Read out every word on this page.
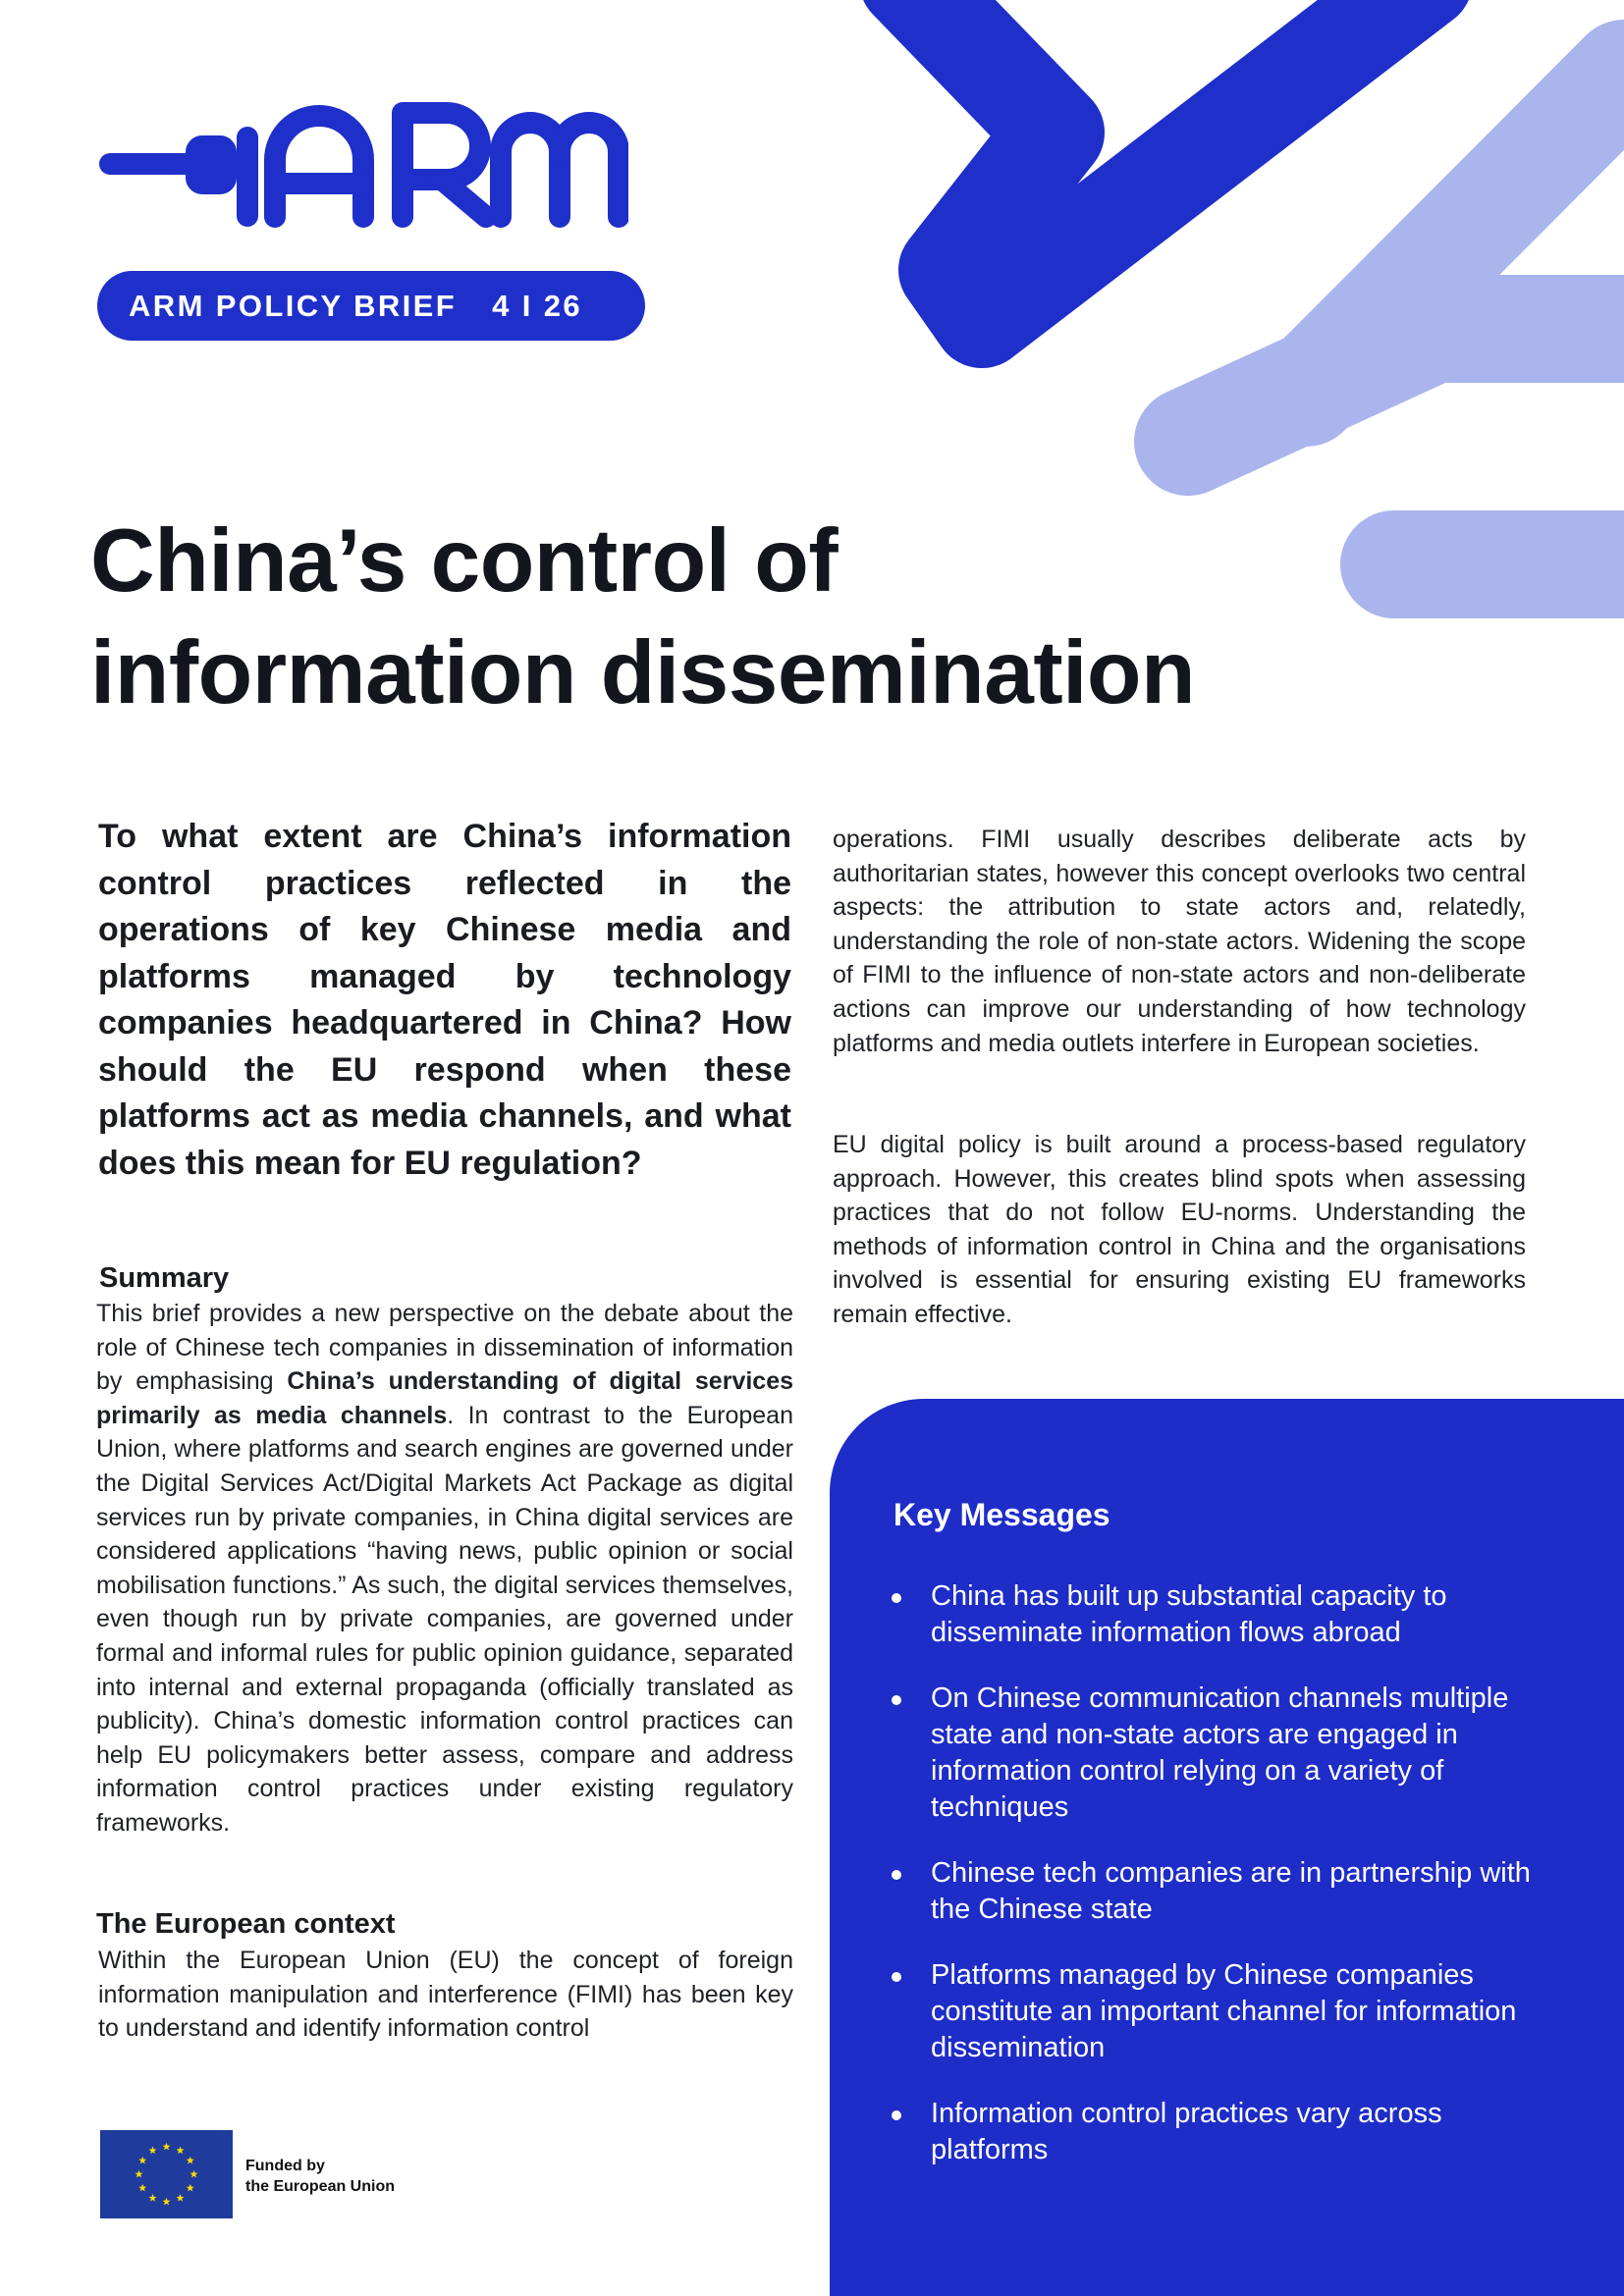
ARM POLICY BRIEF 4 I 26
China’s control of
information dissemination

To what extent are China’s information control practices reflected in the operations of key Chinese media and platforms managed by technology companies headquartered in China? How should the EU respond when these platforms act as media channels, and what does this mean for EU regulation?

Summary

This brief provides a new perspective on the debate about the role of Chinese tech companies in dissemination of information by emphasising China’s understanding of digital services primarily as media channels. In contrast to the European Union, where platforms and search engines are governed under the Digital Services Act/Digital Markets Act Package as digital services run by private companies, in China digital services are considered applications “having news, public opinion or social mobilisation functions.” As such, the digital services themselves, even though run by private companies, are governed under formal and informal rules for public opinion guidance, separated into internal and external propaganda (officially translated as publicity). China’s domestic information control practices can help EU policymakers better assess, compare and address information control practices under existing regulatory frameworks.

The European context

Within the European Union (EU) the concept of foreign information manipulation and interference (FIMI) has been key to understand and identify information control

operations. FIMI usually describes deliberate acts by authoritarian states, however this concept overlooks two central aspects: the attribution to state actors and, relatedly, understanding the role of non-state actors. Widening the scope of FIMI to the influence of non-state actors and non-deliberate actions can improve our understanding of how technology platforms and media outlets interfere in European societies.

EU digital policy is built around a process-based regulatory approach. However, this creates blind spots when assessing practices that do not follow EU-norms. Understanding the methods of information control in China and the organisations involved is essential for ensuring existing EU frameworks remain effective.

Key Messages
China has built up substantial capacity to disseminate information flows abroad
On Chinese communication channels multiple state and non-state actors are engaged in information control relying on a variety of techniques
Chinese tech companies are in partnership with the Chinese state
Platforms managed by Chinese companies constitute an important channel for information dissemination
Information control practices vary across platforms
Funded by
the European Union
